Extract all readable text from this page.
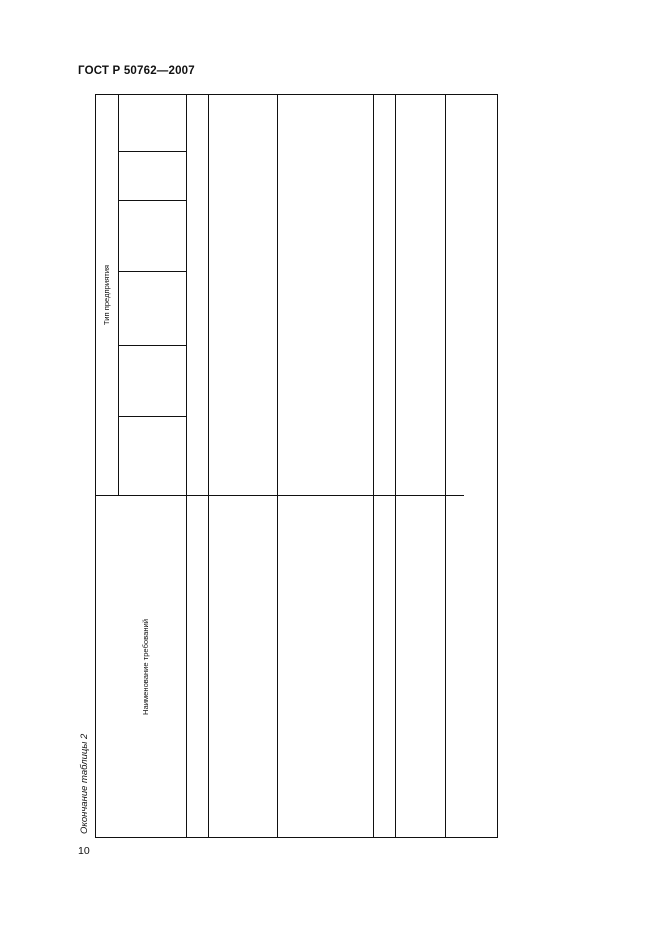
ГОСТ Р 50762—2007
10
Окончание таблицы 2
Наименование требований
Тип предприятия
